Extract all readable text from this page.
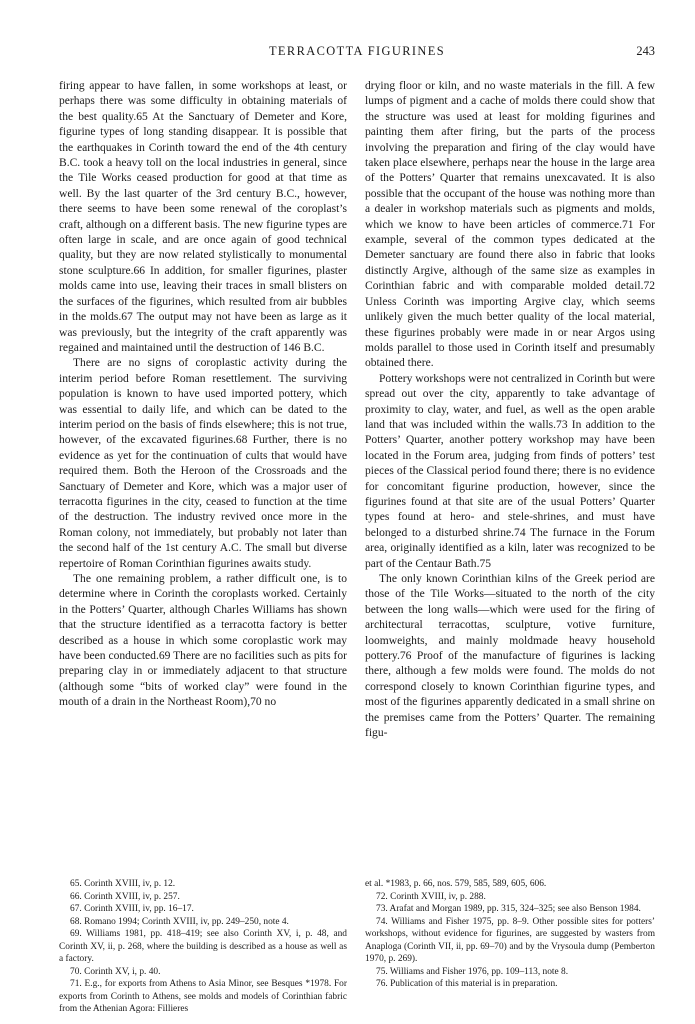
TERRACOTTA FIGURINES	243

firing appear to have fallen, in some workshops at least, or perhaps there was some difficulty in obtaining materials of the best quality.65 At the Sanctuary of Demeter and Kore, figurine types of long standing disappear. It is possible that the earthquakes in Corinth toward the end of the 4th century B.C. took a heavy toll on the local industries in general, since the Tile Works ceased production for good at that time as well. By the last quarter of the 3rd century B.C., however, there seems to have been some renewal of the coroplast’s craft, although on a different basis. The new figurine types are often large in scale, and are once again of good technical quality, but they are now related stylistically to monumental stone sculpture.66 In addition, for smaller figurines, plaster molds came into use, leaving their traces in small blisters on the surfaces of the figurines, which resulted from air bubbles in the molds.67 The output may not have been as large as it was previously, but the integrity of the craft apparently was regained and maintained until the destruction of 146 B.C.

There are no signs of coroplastic activity during the interim period before Roman resettlement. The surviving population is known to have used imported pottery, which was essential to daily life, and which can be dated to the interim period on the basis of finds elsewhere; this is not true, however, of the excavated figurines.68 Further, there is no evidence as yet for the continuation of cults that would have required them. Both the Heroon of the Crossroads and the Sanctuary of Demeter and Kore, which was a major user of terracotta figurines in the city, ceased to function at the time of the destruction. The industry revived once more in the Roman colony, not immediately, but probably not later than the second half of the 1st century A.C. The small but diverse repertoire of Roman Corinthian figurines awaits study.

The one remaining problem, a rather difficult one, is to determine where in Corinth the coroplasts worked. Certainly in the Potters’ Quarter, although Charles Williams has shown that the structure identified as a terracotta factory is better described as a house in which some coroplastic work may have been conducted.69 There are no facilities such as pits for preparing clay in or immediately adjacent to that structure (although some “bits of worked clay” were found in the mouth of a drain in the Northeast Room),70 no

drying floor or kiln, and no waste materials in the fill. A few lumps of pigment and a cache of molds there could show that the structure was used at least for molding figurines and painting them after firing, but the parts of the process involving the preparation and firing of the clay would have taken place elsewhere, perhaps near the house in the large area of the Potters’ Quarter that remains unexcavated. It is also possible that the occupant of the house was nothing more than a dealer in workshop materials such as pigments and molds, which we know to have been articles of commerce.71 For example, several of the common types dedicated at the Demeter sanctuary are found there also in fabric that looks distinctly Argive, although of the same size as examples in Corinthian fabric and with comparable molded detail.72 Unless Corinth was importing Argive clay, which seems unlikely given the much better quality of the local material, these figurines probably were made in or near Argos using molds parallel to those used in Corinth itself and presumably obtained there.

Pottery workshops were not centralized in Corinth but were spread out over the city, apparently to take advantage of proximity to clay, water, and fuel, as well as the open arable land that was included within the walls.73 In addition to the Potters’ Quarter, another pottery workshop may have been located in the Forum area, judging from finds of potters’ test pieces of the Classical period found there; there is no evidence for concomitant figurine production, however, since the figurines found at that site are of the usual Potters’ Quarter types found at hero- and stele-shrines, and must have belonged to a disturbed shrine.74 The furnace in the Forum area, originally identified as a kiln, later was recognized to be part of the Centaur Bath.75

The only known Corinthian kilns of the Greek period are those of the Tile Works—situated to the north of the city between the long walls—which were used for the firing of architectural terracottas, sculpture, votive furniture, loomweights, and mainly moldmade heavy household pottery.76 Proof of the manufacture of figurines is lacking there, although a few molds were found. The molds do not correspond closely to known Corinthian figurine types, and most of the figurines apparently dedicated in a small shrine on the premises came from the Potters’ Quarter. The remaining figu-

65. Corinth XVIII, iv, p. 12.

66. Corinth XVIII, iv, p. 257.

67. Corinth XVIII, iv, pp. 16–17.

68. Romano 1994; Corinth XVIII, iv, pp. 249–250, note 4.

69. Williams 1981, pp. 418–419; see also Corinth XV, i, p. 48, and Corinth XV, ii, p. 268, where the building is described as a house as well as a factory.

70. Corinth XV, i, p. 40.

71. E.g., for exports from Athens to Asia Minor, see Besques *1978. For exports from Corinth to Athens, see molds and models of Corinthian fabric from the Athenian Agora: Fillieres

et al. *1983, p. 66, nos. 579, 585, 589, 605, 606.

72. Corinth XVIII, iv, p. 288.

73. Arafat and Morgan 1989, pp. 315, 324–325; see also Benson 1984.

74. Williams and Fisher 1975, pp. 8–9. Other possible sites for potters’ workshops, without evidence for figurines, are suggested by wasters from Anaploga (Corinth VII, ii, pp. 69–70) and by the Vrysoula dump (Pemberton 1970, p. 269).

75. Williams and Fisher 1976, pp. 109–113, note 8.

76. Publication of this material is in preparation.
